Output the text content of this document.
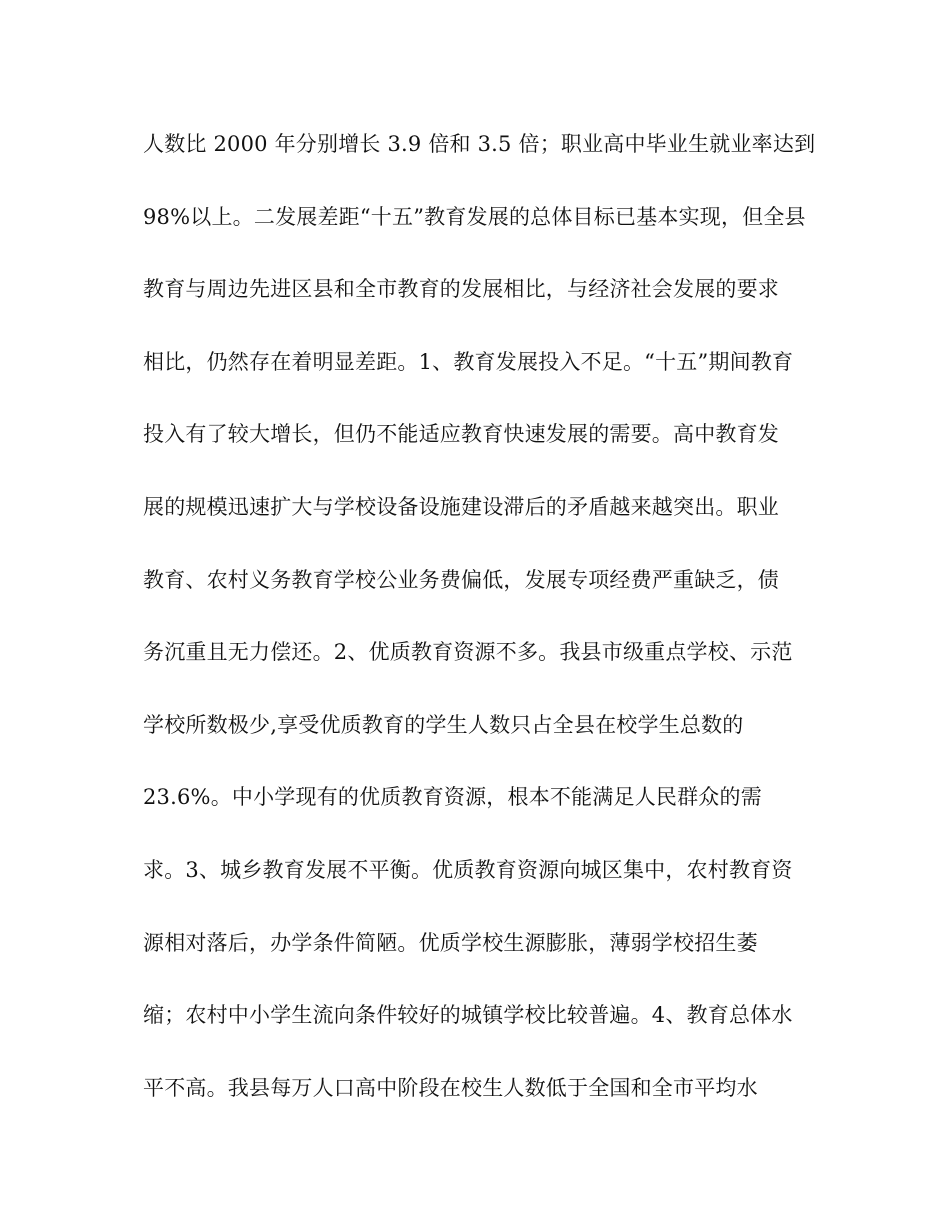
人数比 2000 年分别增长 3.9 倍和 3.5 倍；职业高中毕业生就业率达到
98%以上。二发展差距“十五”教育发展的总体目标已基本实现，但全县
教育与周边先进区县和全市教育的发展相比，与经济社会发展的要求
相比，仍然存在着明显差距。1、教育发展投入不足。“十五”期间教育
投入有了较大增长，但仍不能适应教育快速发展的需要。高中教育发
展的规模迅速扩大与学校设备设施建设滞后的矛盾越来越突出。职业
教育、农村义务教育学校公业务费偏低，发展专项经费严重缺乏，债
务沉重且无力偿还。2、优质教育资源不多。我县市级重点学校、示范
学校所数极少,享受优质教育的学生人数只占全县在校学生总数的
23.6%。中小学现有的优质教育资源，根本不能满足人民群众的需
求。3、城乡教育发展不平衡。优质教育资源向城区集中，农村教育资
源相对落后，办学条件简陋。优质学校生源膨胀，薄弱学校招生萎
缩；农村中小学生流向条件较好的城镇学校比较普遍。4、教育总体水
平不高。我县每万人口高中阶段在校生人数低于全国和全市平均水
